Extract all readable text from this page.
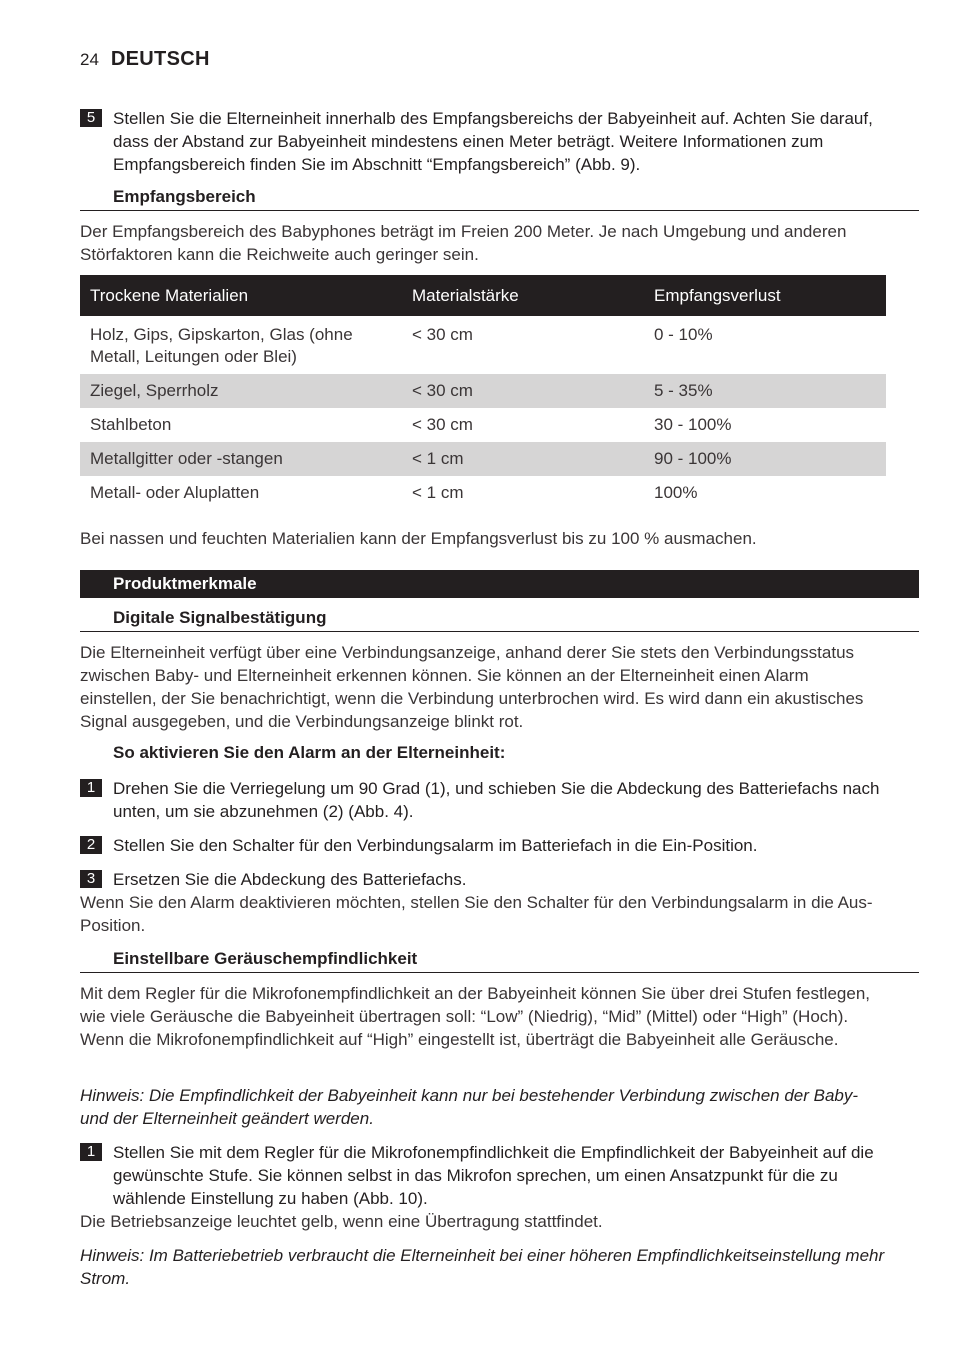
24 DEUTSCH
5	Stellen Sie die Elterneinheit innerhalb des Empfangsbereichs der Babyeinheit auf. Achten Sie darauf, dass der Abstand zur Babyeinheit mindestens einen Meter beträgt. Weitere Informationen zum Empfangsbereich finden Sie im Abschnitt “Empfangsbereich” (Abb. 9).
Empfangsbereich
Der Empfangsbereich des Babyphones beträgt im Freien 200 Meter. Je nach Umgebung und anderen Störfaktoren kann die Reichweite auch geringer sein.
Trockene Materialien	Materialstärke	Empfangsverlust
Holz, Gips, Gipskarton, Glas (ohne Metall, Leitungen oder Blei)	< 30 cm	0 - 10%
Ziegel, Sperrholz	< 30 cm	5 - 35%
Stahlbeton	< 30 cm	30 - 100%
Metallgitter oder -stangen	< 1 cm	90 - 100%
Metall- oder Aluplatten	< 1 cm	100%
Bei nassen und feuchten Materialien kann der Empfangsverlust bis zu 100 % ausmachen.
Produktmerkmale
Digitale Signalbestätigung
Die Elterneinheit verfügt über eine Verbindungsanzeige, anhand derer Sie stets den Verbindungsstatus zwischen Baby- und Elterneinheit erkennen können. Sie können an der Elterneinheit einen Alarm einstellen, der Sie benachrichtigt, wenn die Verbindung unterbrochen wird. Es wird dann ein akustisches Signal ausgegeben, und die Verbindungsanzeige blinkt rot.
So aktivieren Sie den Alarm an der Elterneinheit:
1	Drehen Sie die Verriegelung um 90 Grad (1), und schieben Sie die Abdeckung des Batteriefachs nach unten, um sie abzunehmen (2) (Abb. 4).
2	Stellen Sie den Schalter für den Verbindungsalarm im Batteriefach in die Ein-Position.
3	Ersetzen Sie die Abdeckung des Batteriefachs.
Wenn Sie den Alarm deaktivieren möchten, stellen Sie den Schalter für den Verbindungsalarm in die Aus-Position.
Einstellbare Geräuschempfindlichkeit
Mit dem Regler für die Mikrofonempfindlichkeit an der Babyeinheit können Sie über drei Stufen festlegen, wie viele Geräusche die Babyeinheit übertragen soll: “Low” (Niedrig), “Mid” (Mittel) oder “High” (Hoch). Wenn die Mikrofonempfindlichkeit auf “High” eingestellt ist, überträgt die Babyeinheit alle Geräusche.
Hinweis: Die Empfindlichkeit der Babyeinheit kann nur bei bestehender Verbindung zwischen der Baby- und der Elterneinheit geändert werden.
1	Stellen Sie mit dem Regler für die Mikrofonempfindlichkeit die Empfindlichkeit der Babyeinheit auf die gewünschte Stufe. Sie können selbst in das Mikrofon sprechen, um einen Ansatzpunkt für die zu wählende Einstellung zu haben (Abb. 10).
Die Betriebsanzeige leuchtet gelb, wenn eine Übertragung stattfindet.
Hinweis: Im Batteriebetrieb verbraucht die Elterneinheit bei einer höheren Empfindlichkeitseinstellung mehr Strom.
